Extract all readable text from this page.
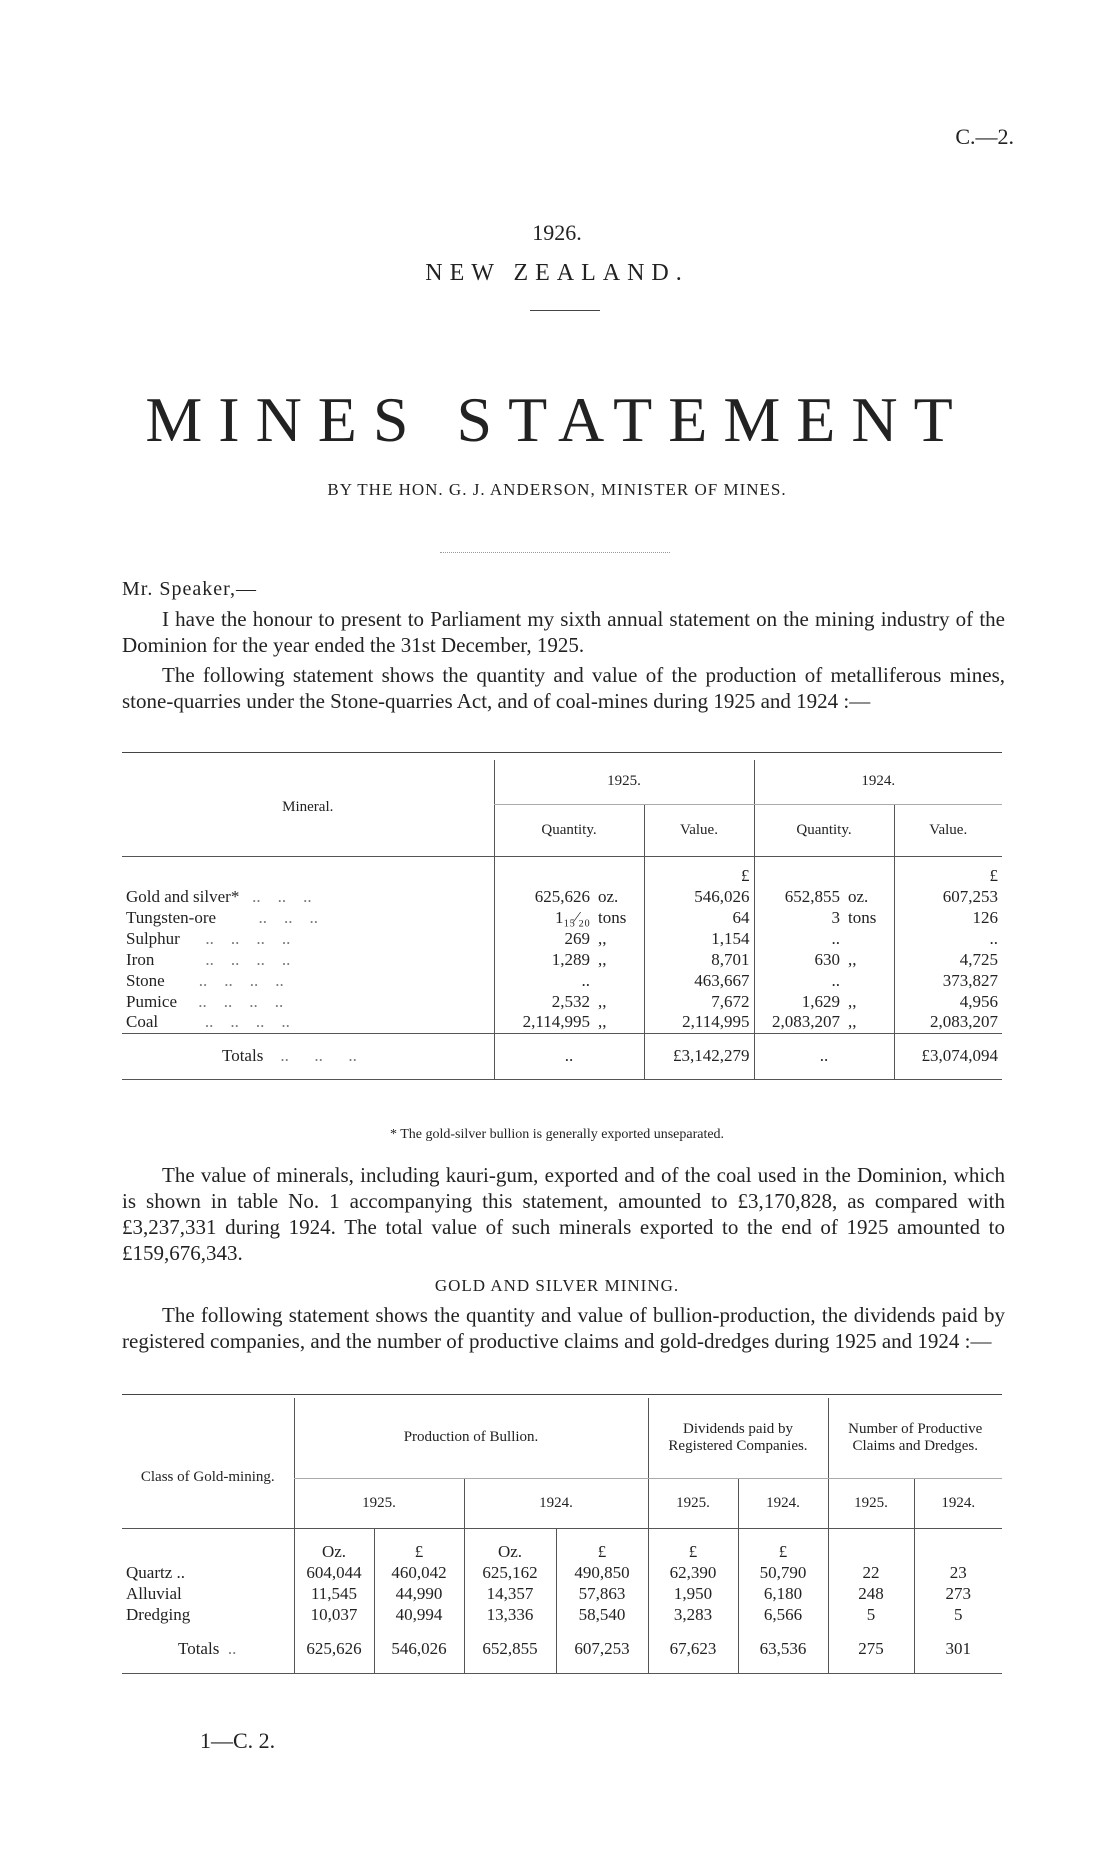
C.—2.
1926.
NEW ZEALAND.
MINES STATEMENT
BY THE HON. G. J. ANDERSON, MINISTER OF MINES.
Mr. Speaker,—
I have the honour to present to Parliament my sixth annual statement on the mining industry of the Dominion for the year ended the 31st December, 1925.
The following statement shows the quantity and value of the production of metalliferous mines, stone-quarries under the Stone-quarries Act, and of coal-mines during 1925 and 1924 :—
Mineral.	1925.			1924.		
	Quantity.		Value.	Quantity.		Value.
			£			£
Gold and silver*   ..    ..    ..	625,626	oz.	546,026	652,855	oz.	607,253
Tungsten-ore          ..    ..    ..	1₁₅⁄₂₀	tons	64	3	tons	126
Sulphur      ..    ..    ..    ..	269	,,	1,154	..		..
Iron            ..    ..    ..    ..	1,289	,,	8,701	630	,,	4,725
Stone        ..    ..    ..    ..	..		463,667	..		373,827
Pumice     ..    ..    ..    ..	2,532	,,	7,672	1,629	,,	4,956
Coal           ..    ..    ..    ..	2,114,995	,,	2,114,995	2,083,207	,,	2,083,207
Totals    ..      ..      ..	..		£3,142,279	..		£3,074,094
* The gold-silver bullion is generally exported unseparated.
The value of minerals, including kauri-gum, exported and of the coal used in the Dominion, which is shown in table No. 1 accompanying this statement, amounted to £3,170,828, as compared with £3,237,331 during 1924. The total value of such minerals exported to the end of 1925 amounted to £159,676,343.
GOLD AND SILVER MINING.
The following statement shows the quantity and value of bullion-production, the dividends paid by registered companies, and the number of productive claims and gold-dredges during 1925 and 1924 :—
Class of Gold-mining.	Production of Bullion.				Dividends paid by Registered Companies.		Number of Productive Claims and Dredges.	
	1925.		1924.		1925.	1924.	1925.	1924.
	Oz.	£	Oz.	£	£	£		
Quartz ..	604,044	460,042	625,162	490,850	62,390	50,790	22	23
Alluvial	11,545	44,990	14,357	57,863	1,950	6,180	248	273
Dredging	10,037	40,994	13,336	58,540	3,283	6,566	5	5
Totals  ..	625,626	546,026	652,855	607,253	67,623	63,536	275	301
1—C. 2.
